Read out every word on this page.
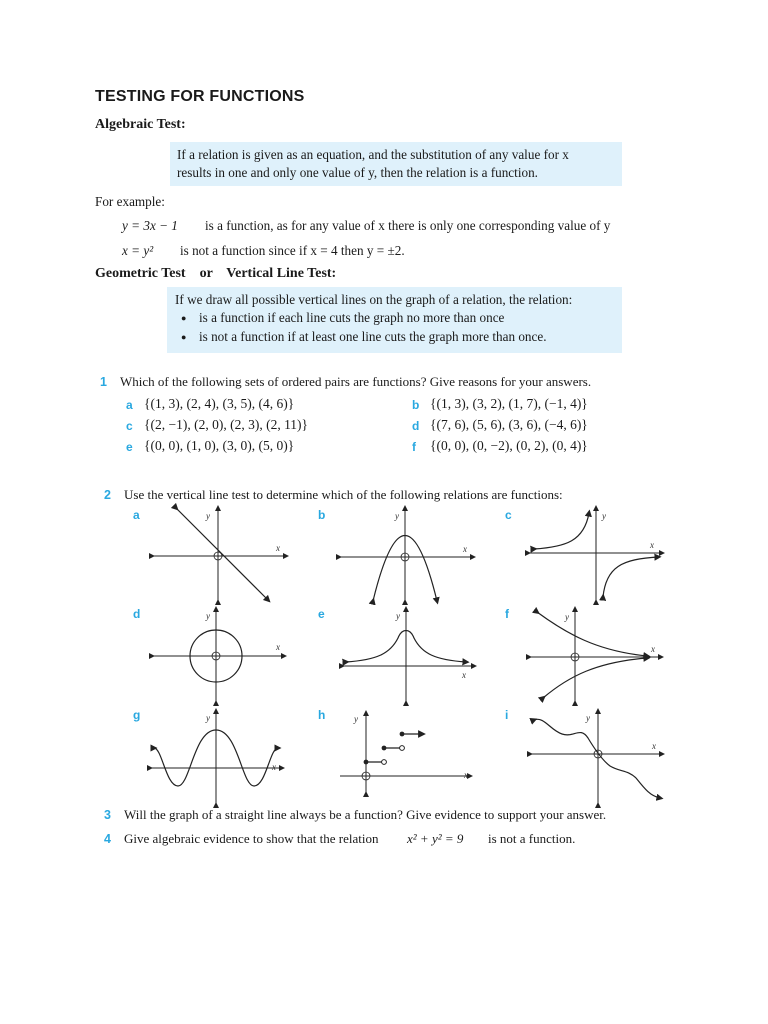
TESTING FOR FUNCTIONS
Algebraic Test:
If a relation is given as an equation, and the substitution of any value for x
results in one and only one value of y, then the relation is a function.
For example:
y = 3x − 1 is a function, as for any value of x there is only one corresponding value of y
x = y² is not a function since if x = 4 then y = ±2.
Geometric Test    or    Vertical Line Test:
If we draw all possible vertical lines on the graph of a relation, the relation:
● is a function if each line cuts the graph no more than once
● is not a function if at least one line cuts the graph more than once.
1 Which of the following sets of ordered pairs are functions? Give reasons for your answers.
a {(1, 3), (2, 4), (3, 5), (4, 6)}	b {(1, 3), (3, 2), (1, 7), (−1, 4)}
c {(2, −1), (2, 0), (2, 3), (2, 11)}	d {(7, 6), (5, 6), (3, 6), (−4, 6)}
e {(0, 0), (1, 0), (3, 0), (5, 0)}	f {(0, 0), (0, −2), (0, 2), (0, 4)}
2 Use the vertical line test to determine which of the following relations are functions:
a	b	c
d	e	f
g	h	i
y
x
y
x
y
x
y
x
y
x
y
x
y
x
y
x
y
x
3 Will the graph of a straight line always be a function? Give evidence to support your answer.
4 Give algebraic evidence to show that the relation x² + y² = 9 is not a function.
